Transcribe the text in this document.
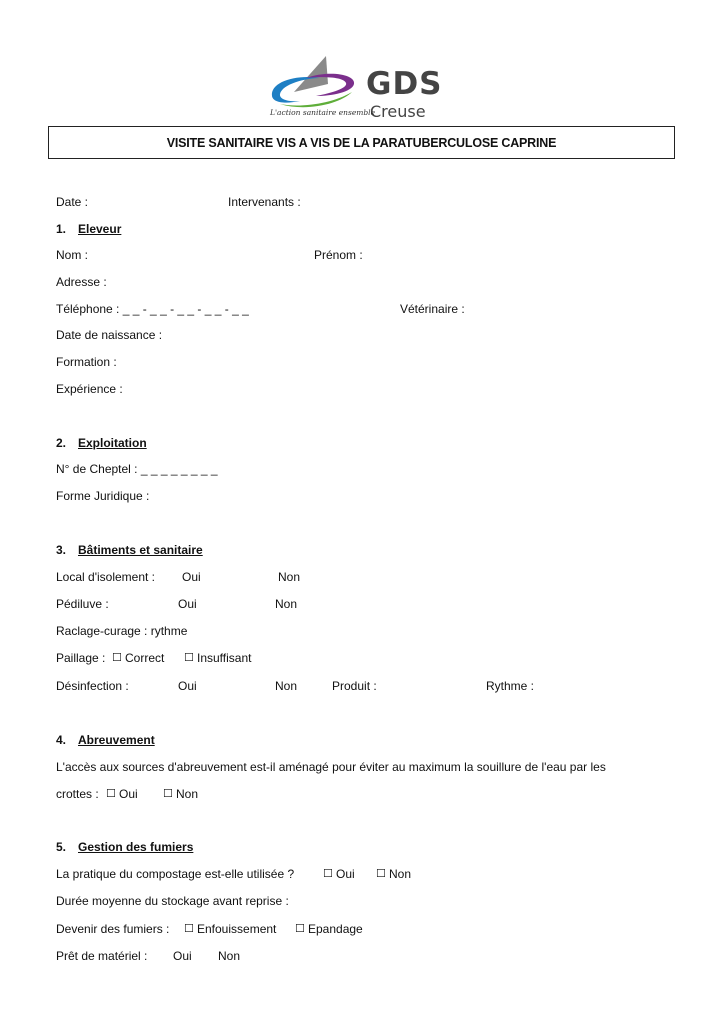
GDS
Creuse
L'action sanitaire ensemble
VISITE SANITAIRE VIS A VIS DE LA PARATUBERCULOSE CAPRINE
Date :	Intervenants :
1. Eleveur
Nom :	Prénom :
Adresse :
Téléphone : _ _ - _ _ - _ _ - _ _ - _ _	Vétérinaire :
Date de naissance :
Formation :
Expérience :
2. Exploitation
N° de Cheptel : _ _ _ _ _ _ _ _
Forme Juridique :
3. Bâtiments et sanitaire
Local d'isolement : Oui	Non
Pédiluve :	Oui	Non
Raclage-curage : rythme
Paillage : ☐ Correct ☐ Insuffisant
Désinfection :	Oui	Non	Produit :	Rythme :
4. Abreuvement
L'accès aux sources d'abreuvement est-il aménagé pour éviter au maximum la souillure de l'eau par les
crottes : ☐ Oui ☐ Non
5. Gestion des fumiers
La pratique du compostage est-elle utilisée ?	☐ Oui ☐ Non
Durée moyenne du stockage avant reprise :
Devenir des fumiers : ☐ Enfouissement ☐ Epandage
Prêt de matériel : Oui Non
